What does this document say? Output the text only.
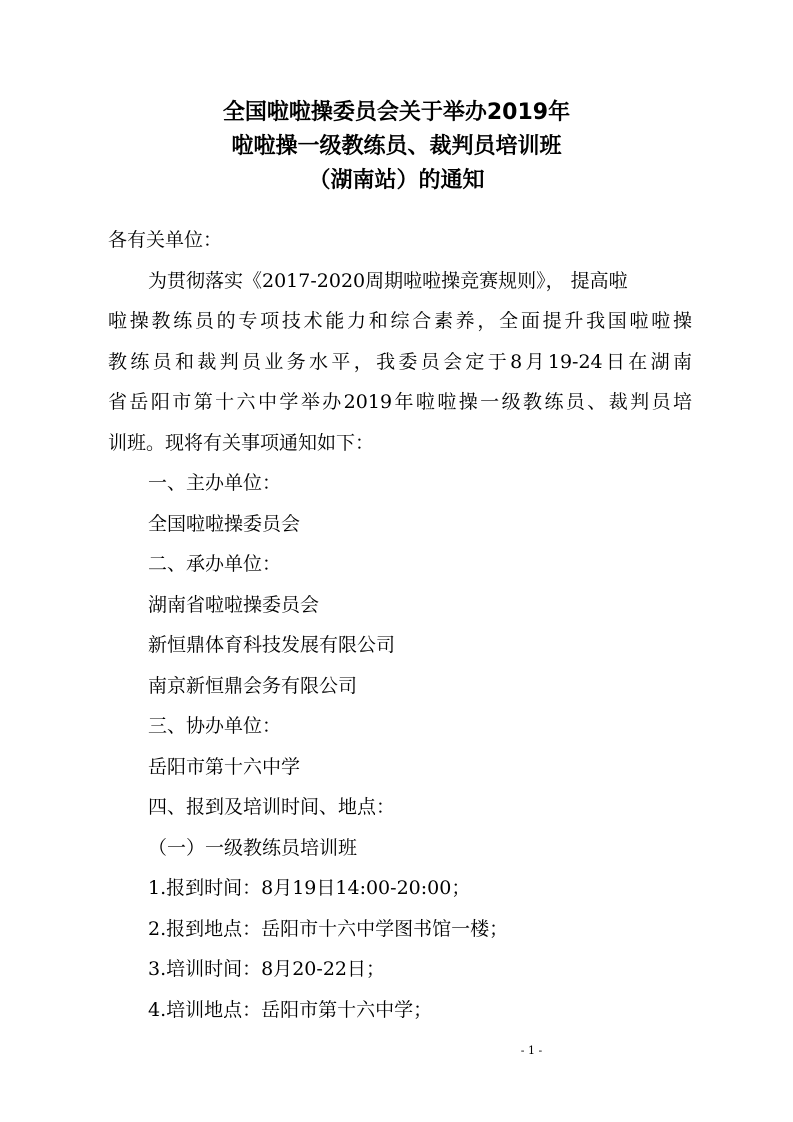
全国啦啦操委员会关于举办2019年
啦啦操一级教练员、裁判员培训班
（湖南站）的通知
各有关单位：
为贯彻落实《2017-2020周期啦啦操竞赛规则》， 提高啦
啦操教练员的专项技术能力和综合素养，全面提升我国啦啦操
教练员和裁判员业务水平，我委员会定于8月19-24日在湖南
省岳阳市第十六中学举办2019年啦啦操一级教练员、裁判员培
训班。现将有关事项通知如下：
一、主办单位：
全国啦啦操委员会
二、承办单位：
湖南省啦啦操委员会
新恒鼎体育科技发展有限公司
南京新恒鼎会务有限公司
三、协办单位：
岳阳市第十六中学
四、报到及培训时间、地点：
（一）一级教练员培训班
1.报到时间：8月19日14:00-20:00；
2.报到地点：岳阳市十六中学图书馆一楼；
3.培训时间：8月20-22日；
4.培训地点：岳阳市第十六中学；
- 1 -
